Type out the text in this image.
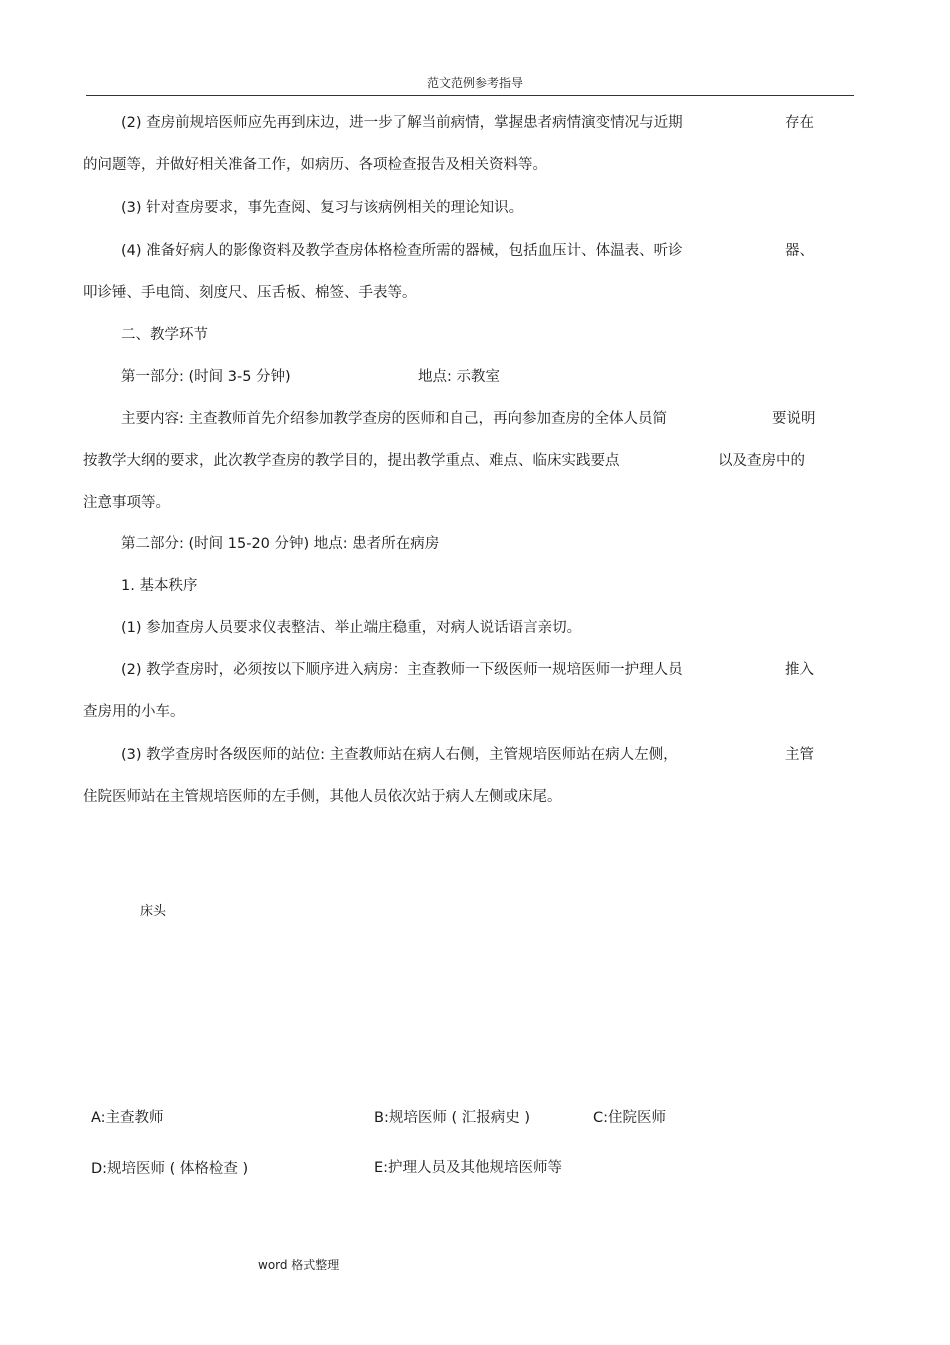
范文范例参考指导
(2) 查房前规培医师应先再到床边，进一步了解当前病情，掌握患者病情演变情况与近期	存在
的问题等，并做好相关准备工作，如病历、各项检查报告及相关资料等。
(3) 针对查房要求，事先查阅、复习与该病例相关的理论知识。
(4) 准备好病人的影像资料及教学查房体格检查所需的器械，包括血压计、体温表、听诊	器、
叩诊锤、手电筒、刻度尺、压舌板、棉签、手表等。
二、教学环节
第一部分: (时间 3-5 分钟)	地点: 示教室
主要内容: 主查教师首先介绍参加教学查房的医师和自己，再向参加查房的全体人员简	要说明
按教学大纲的要求，此次教学查房的教学目的，提出教学重点、难点、临床实践要点	以及查房中的
注意事项等。
第二部分: (时间 15-20 分钟) 地点: 患者所在病房
1. 基本秩序
(1) 参加查房人员要求仪表整洁、举止端庄稳重，对病人说话语言亲切。
(2) 教学查房时，必须按以下顺序进入病房：主查教师一下级医师一规培医师一护理人员	推入
查房用的小车。
(3) 教学查房时各级医师的站位: 主查教师站在病人右侧，主管规培医师站在病人左侧，	主管
住院医师站在主管规培医师的左手侧，其他人员依次站于病人左侧或床尾。
床头
A:主查教师	B:规培医师 ( 汇报病史 )	C:住院医师
D:规培医师 ( 体格检查 )	E:护理人员及其他规培医师等
word 格式整理
